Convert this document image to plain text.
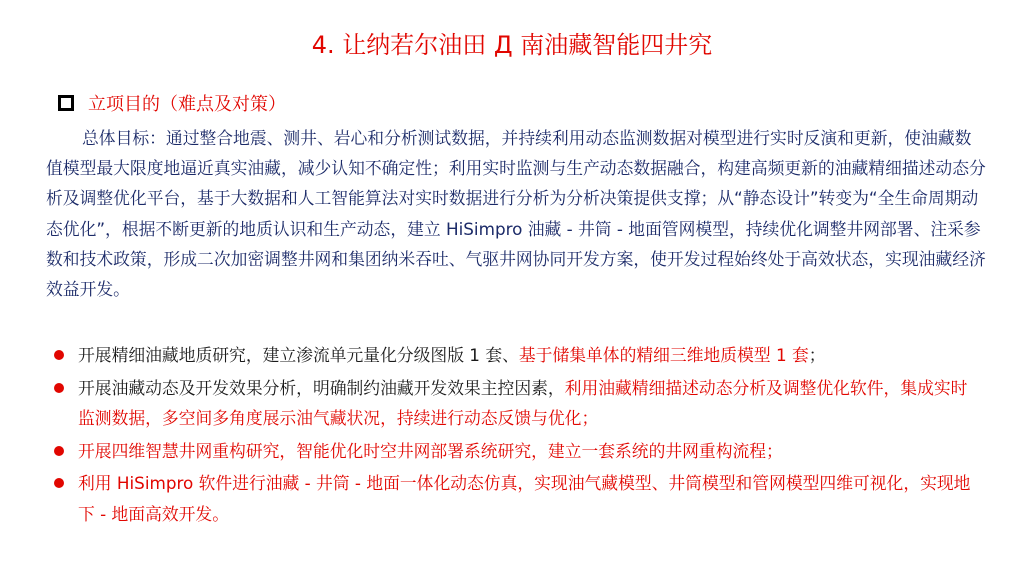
4. 让纳若尔油田 Д 南油藏智能四井究
立项目的（难点及对策）

总体目标：通过整合地震、测井、岩心和分析测试数据，并持续利用动态监测数据对模型进行实时反演和更新，使油藏数值模型最大限度地逼近真实油藏，减少认知不确定性；利用实时监测与生产动态数据融合，构建高频更新的油藏精细描述动态分析及调整优化平台，基于大数据和人工智能算法对实时数据进行分析为分析决策提供支撑；从“静态设计”转变为“全生命周期动态优化”，根据不断更新的地质认识和生产动态，建立 HiSimpro 油藏 - 井筒 - 地面管网模型，持续优化调整井网部署、注采参数和技术政策，形成二次加密调整井网和集团纳米吞吐、气驱井网协同开发方案，使开发过程始终处于高效状态，实现油藏经济效益开发。

开展精细油藏地质研究，建立渗流单元量化分级图版 1 套、基于储集单体的精细三维地质模型 1 套；
开展油藏动态及开发效果分析，明确制约油藏开发效果主控因素，利用油藏精细描述动态分析及调整优化软件，集成实时监测数据，多空间多角度展示油气藏状况，持续进行动态反馈与优化；
开展四维智慧井网重构研究，智能优化时空井网部署系统研究，建立一套系统的井网重构流程；
利用 HiSimpro 软件进行油藏 - 井筒 - 地面一体化动态仿真，实现油气藏模型、井筒模型和管网模型四维可视化，实现地下 - 地面高效开发。
